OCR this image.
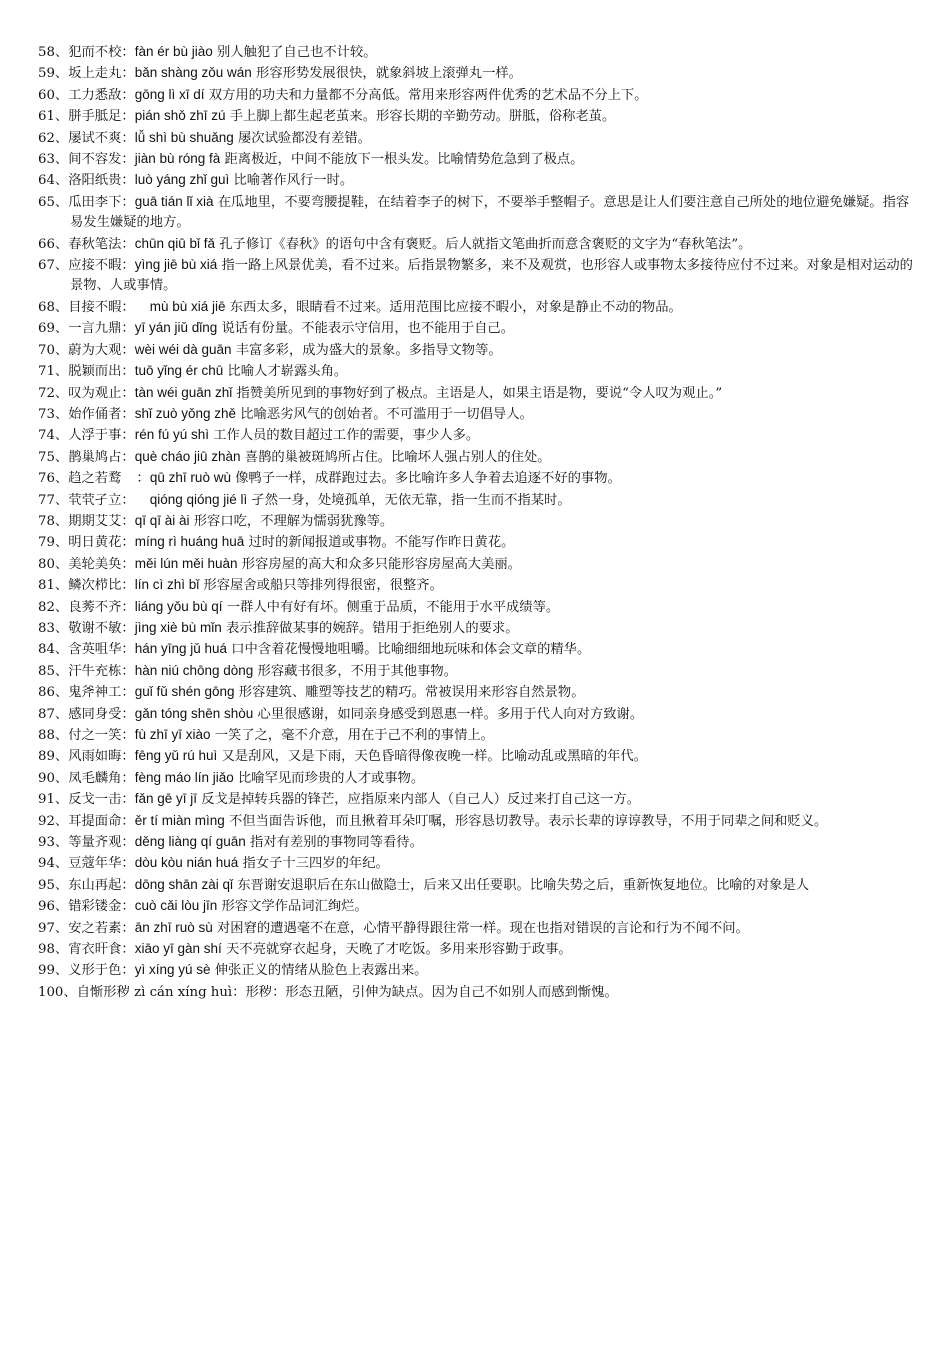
58、犯而不校：fàn ér bù jiào 别人触犯了自己也不计较。
59、坂上走丸：bǎn shàng zǒu wán 形容形势发展很快，就象斜坡上滚弹丸一样。
60、工力悉敌：gōng lì xī dí 双方用的功夫和力量都不分高低。常用来形容两件优秀的艺术品不分上下。
61、胼手胝足：pián shǒ zhī zú 手上脚上都生起老茧来。形容长期的辛勤劳动。胼胝，俗称老茧。
62、屡试不爽：lǚ shì bù shuǎng 屡次试验都没有差错。
63、间不容发：jiàn bù róng fà 距离极近，中间不能放下一根头发。比喻情势危急到了极点。
64、洛阳纸贵：luò yáng zhǐ guì 比喻著作风行一时。
65、瓜田李下：guā tián lǐ xià 在瓜地里，不要弯腰提鞋，在结着李子的树下，不要举手整帽子。意思是让人们要注意自己所处的地位避免嫌疑。指容易发生嫌疑的地方。
66、春秋笔法：chūn qiū bǐ fǎ 孔子修订《春秋》的语句中含有褒贬。后人就指文笔曲折而意含褒贬的文字为“春秋笔法”。
67、应接不暇：yìng jiē bù xiá 指一路上风景优美，看不过来。后指景物繁多，来不及观赏，也形容人或事物太多接待应付不过来。对象是相对运动的景物、人或事情。
68、目接不暇：    mù bù xiá jiē 东西太多，眼睛看不过来。适用范围比应接不暇小，对象是静止不动的物品。
69、一言九鼎：yī yán jiǔ dǐng 说话有份量。不能表示守信用，也不能用于自己。
70、蔚为大观：wèi wéi dà guān 丰富多彩，成为盛大的景象。多指导文物等。
71、脱颖而出：tuō yǐng ér chū 比喻人才崭露头角。
72、叹为观止：tàn wéi guān zhǐ 指赞美所见到的事物好到了极点。主语是人，如果主语是物，要说“令人叹为观止。”
73、始作俑者：shǐ zuò yǒng zhě 比喻恶劣风气的创始者。不可滥用于一切倡导人。
74、人浮于事：rén fú yú shì 工作人员的数目超过工作的需要，事少人多。
75、鹊巢鸠占：què cháo jiū zhàn 喜鹊的巢被斑鸠所占住。比喻坏人强占别人的住处。
76、趋之若鹜    ：qū zhī ruò wù 像鸭子一样，成群跑过去。多比喻许多人争着去追逐不好的事物。
77、茕茕孑立：    qióng qióng jié lì 孑然一身，处境孤单，无依无靠，指一生而不指某时。
78、期期艾艾：qī qī ài ài 形容口吃，不理解为懦弱犹豫等。
79、明日黄花：míng rì huáng huā 过时的新闻报道或事物。不能写作昨日黄花。
80、美轮美奂：měi lún měi huàn 形容房屋的高大和众多只能形容房屋高大美丽。
81、鳞次栉比：lín cì zhì bǐ 形容屋舍或船只等排列得很密，很整齐。
82、良莠不齐：liáng yǒu bù qí 一群人中有好有坏。侧重于品质，不能用于水平成绩等。
83、敬谢不敏：jìng xiè bù mǐn 表示推辞做某事的婉辞。错用于拒绝别人的要求。
84、含英咀华：hán yīng jǔ huá 口中含着花慢慢地咀嚼。比喻细细地玩味和体会文章的精华。
85、汗牛充栋：hàn niú chōng dòng 形容藏书很多，不用于其他事物。
86、鬼斧神工：guǐ fǔ shén gōng 形容建筑、雕塑等技艺的精巧。常被误用来形容自然景物。
87、感同身受：gǎn tóng shēn shòu 心里很感谢，如同亲身感受到恩惠一样。多用于代人向对方致谢。
88、付之一笑：fù zhī yī xiào 一笑了之，毫不介意，用在于己不利的事情上。
89、风雨如晦：fēng yǔ rú huì 又是刮风，又是下雨，天色昏暗得像夜晚一样。比喻动乱或黑暗的年代。
90、凤毛麟角：fèng máo lín jiǎo 比喻罕见而珍贵的人才或事物。
91、反戈一击：fǎn gē yī jī 反戈是掉转兵器的锋芒，应指原来内部人（自己人）反过来打自己这一方。
92、耳提面命：ěr tí miàn mìng 不但当面告诉他，而且揪着耳朵叮嘱，形容恳切教导。表示长辈的谆谆教导，不用于同辈之间和贬义。
93、等量齐观：děng liàng qí guān 指对有差别的事物同等看待。
94、豆蔻年华：dòu kòu nián huá 指女子十三四岁的年纪。
95、东山再起：dōng shān zài qǐ 东晋谢安退职后在东山做隐士，后来又出任要职。比喻失势之后，重新恢复地位。比喻的对象是人
96、错彩镂金：cuò cǎi lòu jīn 形容文学作品词汇绚烂。
97、安之若素：ān zhī ruò sù 对困窘的遭遇毫不在意，心情平静得跟往常一样。现在也指对错误的言论和行为不闻不问。
98、宵衣旰食：xiāo yī gàn shí 天不亮就穿衣起身，天晚了才吃饭。多用来形容勤于政事。
99、义形于色：yì xíng yú sè 伸张正义的情绪从脸色上表露出来。
100、自惭形秽 zì cán xíng huì：形秽：形态丑陋，引伸为缺点。因为自己不如别人而感到惭愧。
